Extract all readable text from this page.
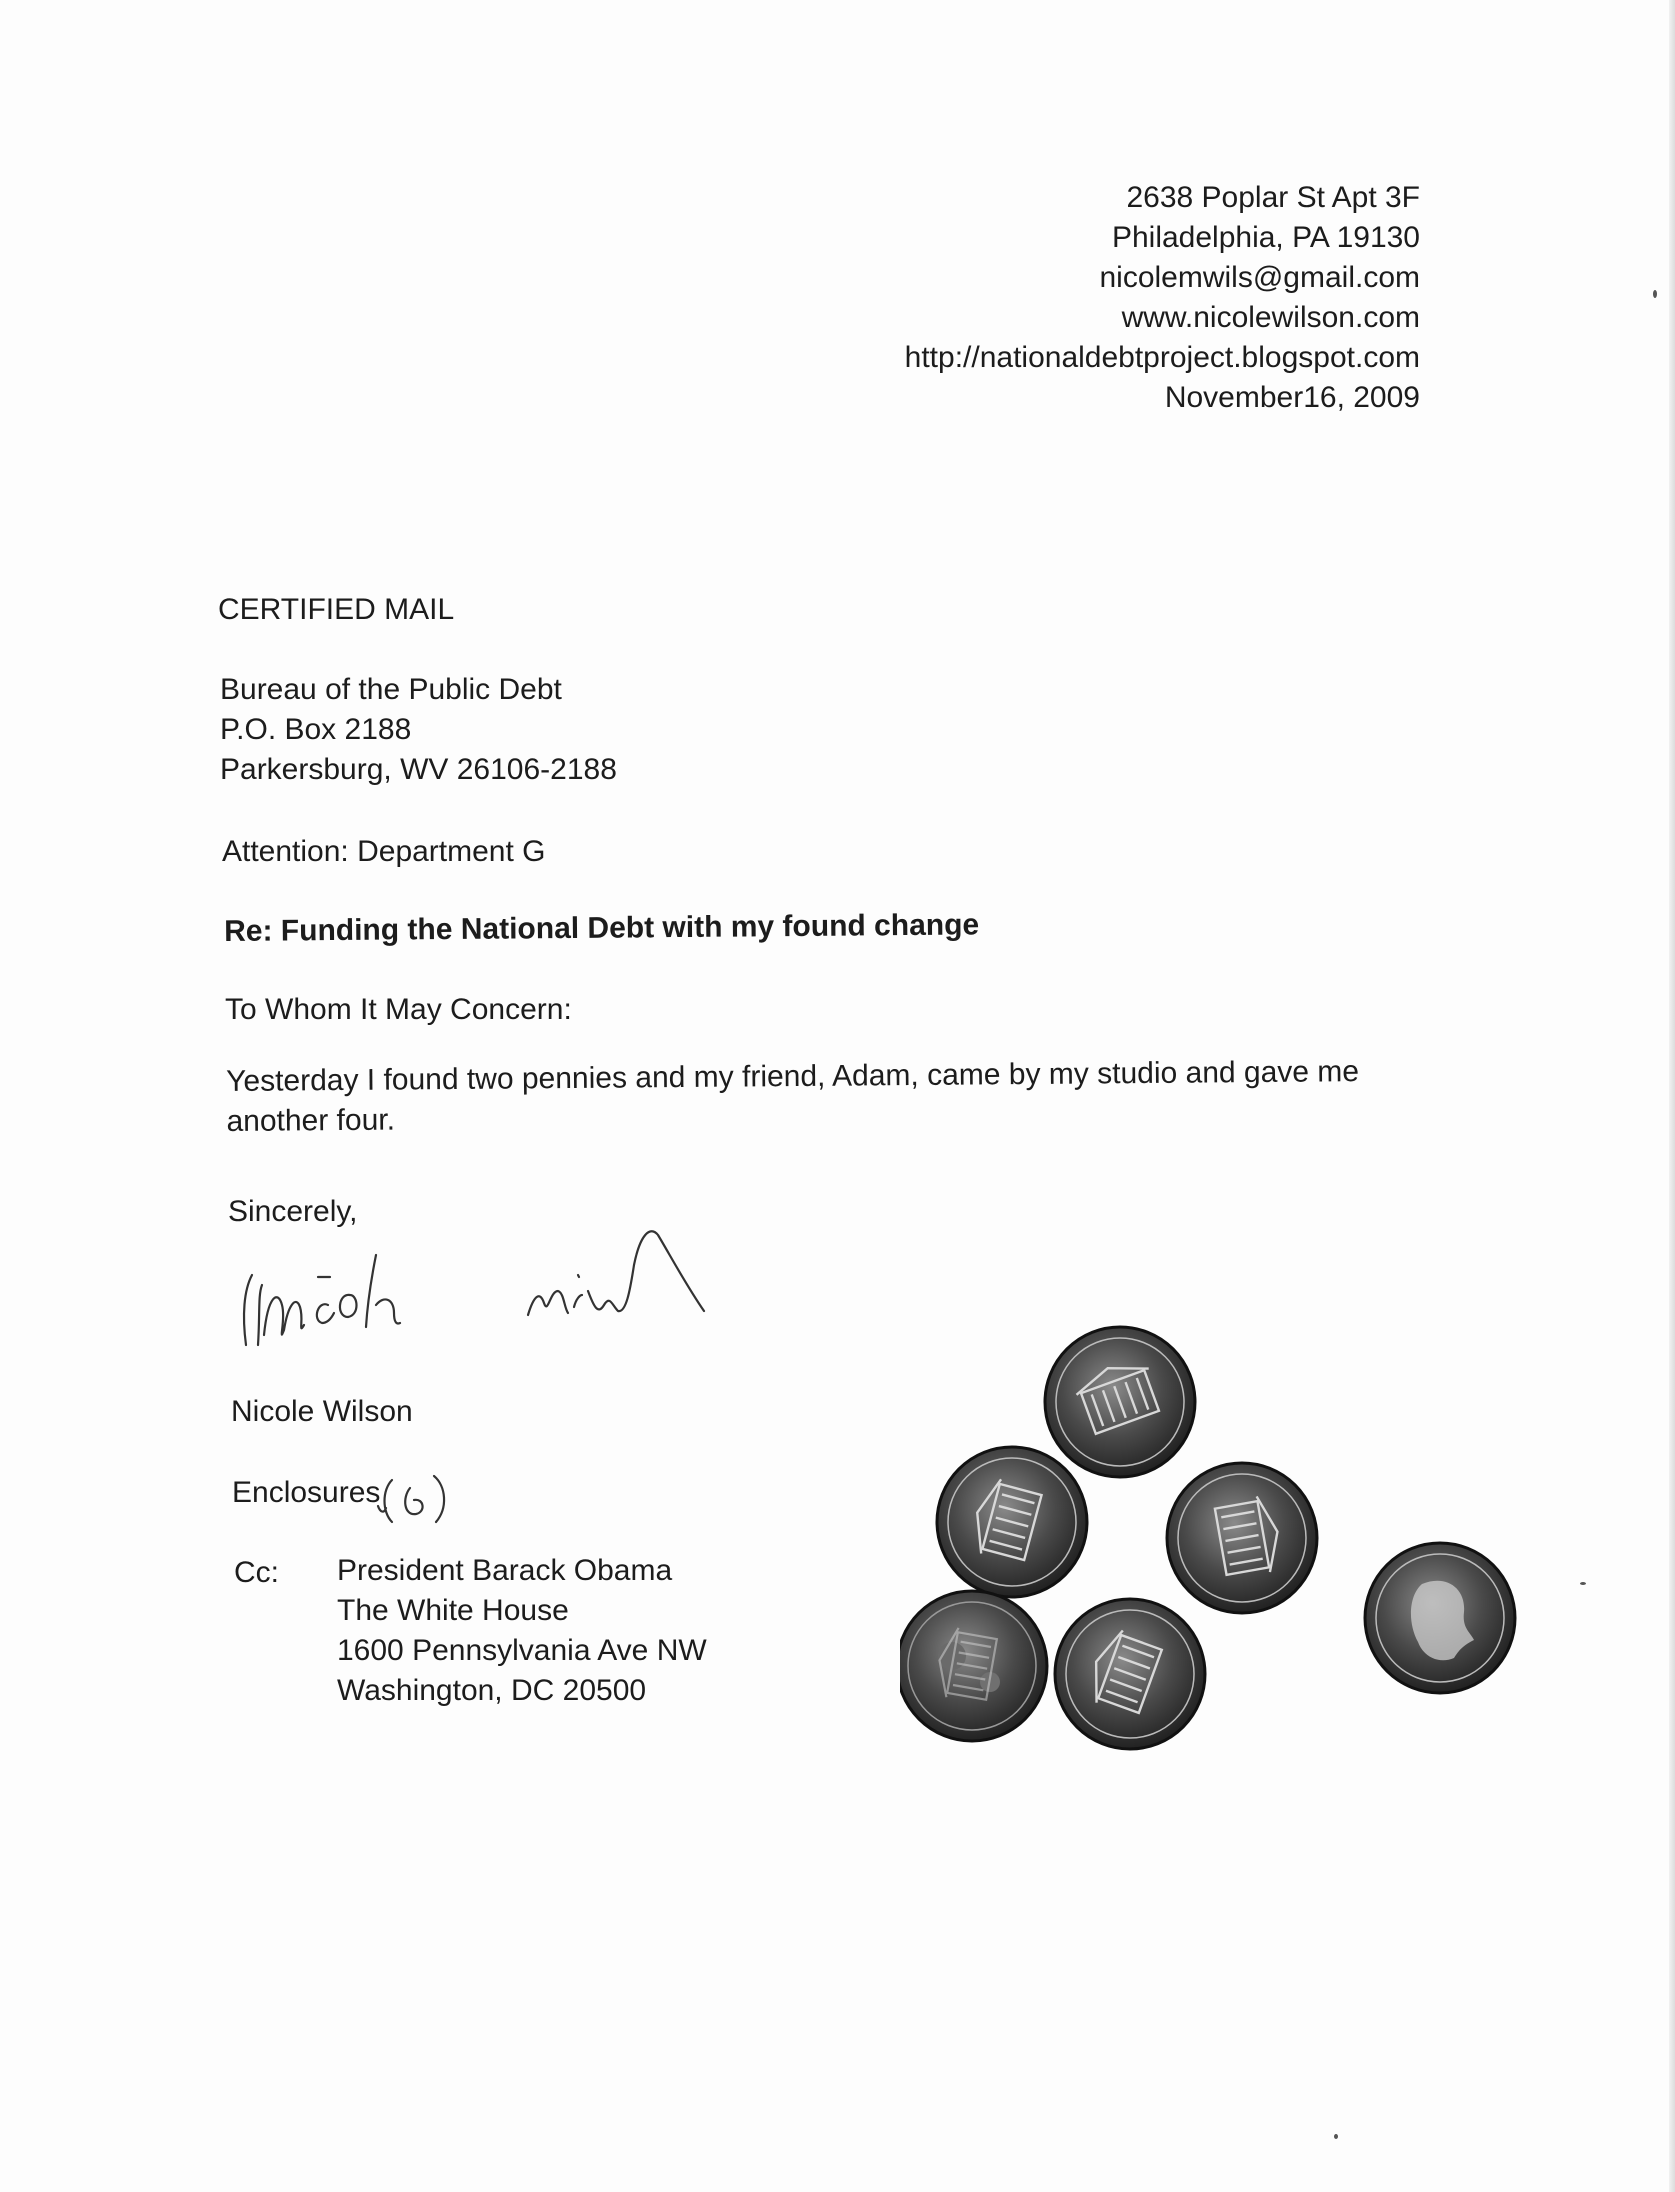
2638 Poplar St Apt 3F
Philadelphia, PA 19130
nicolemwils@gmail.com
www.nicolewilson.com
http://nationaldebtproject.blogspot.com
November16, 2009
CERTIFIED MAIL
Bureau of the Public Debt
P.O. Box 2188
Parkersburg, WV 26106-2188
Attention: Department G
Re: Funding the National Debt with my found change
To Whom It May Concern:
Yesterday I found two pennies and my friend, Adam, came by my studio and gave me another four.
Sincerely,
Nicole Wilson
Enclosures
Cc: President Barack Obama
The White House
1600 Pennsylvania Ave NW
Washington, DC 20500
